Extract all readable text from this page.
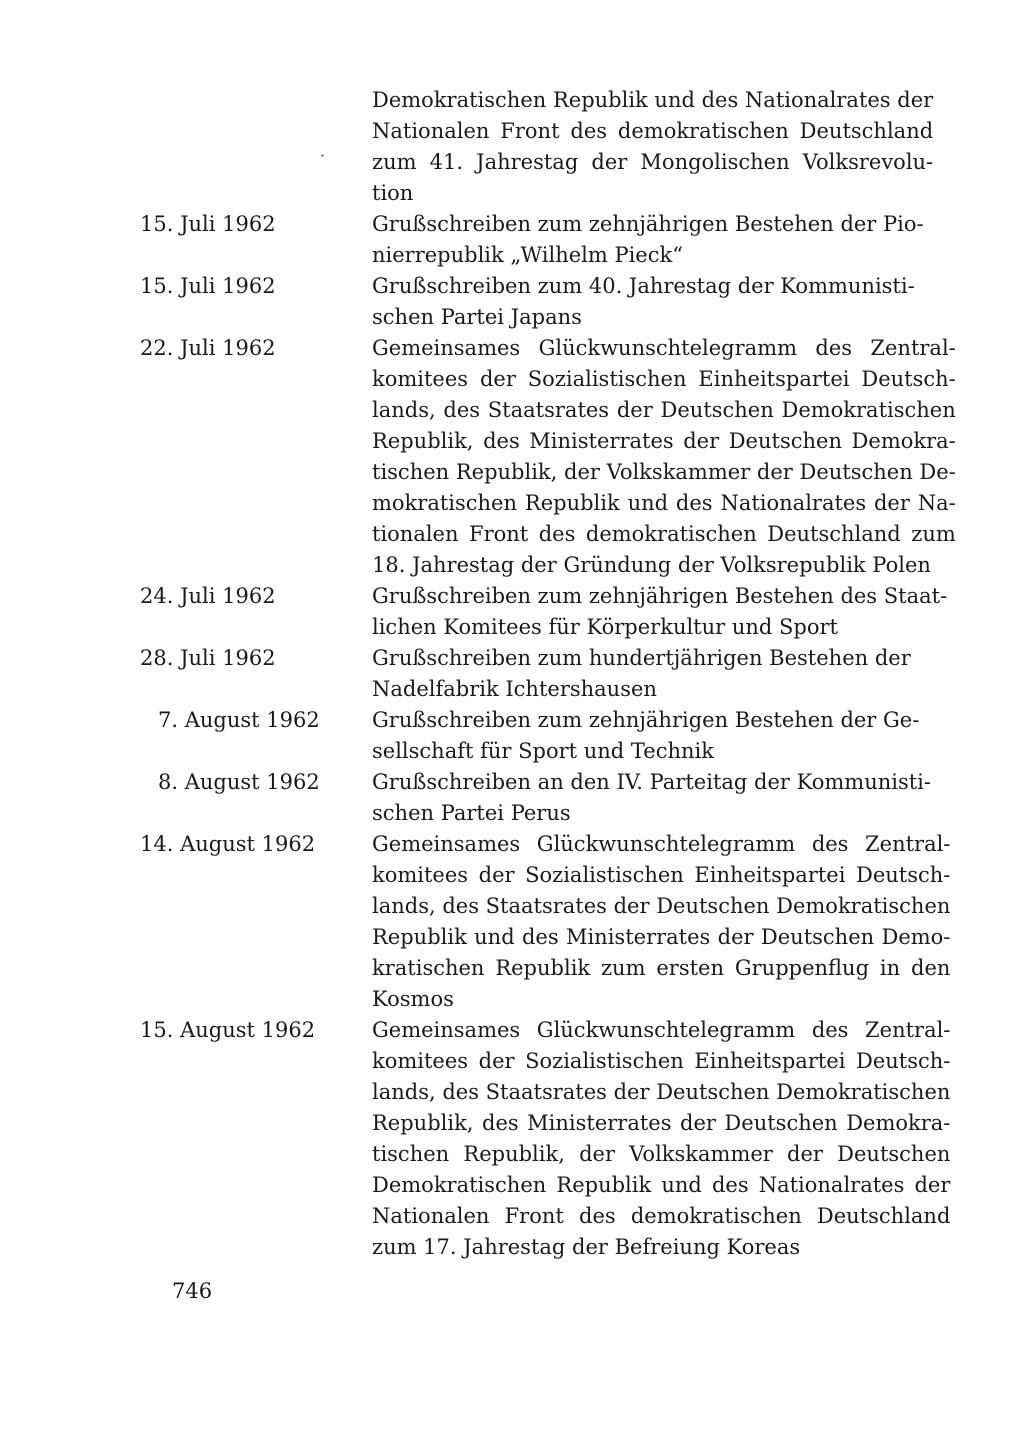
˙
Demokratischen Republik und des Nationalrates der
Nationalen Front des demokratischen Deutschland
zum 41. Jahrestag der Mongolischen Volksrevolu-
tion
15. Juli 1962	Grußschreiben zum zehnjährigen Bestehen der Pio-
nierrepublik „Wilhelm Pieck“
15. Juli 1962	Grußschreiben zum 40. Jahrestag der Kommunisti-
schen Partei Japans
22. Juli 1962	Gemeinsames Glückwunschtelegramm des Zentral-
komitees der Sozialistischen Einheitspartei Deutsch-
lands, des Staatsrates der Deutschen Demokratischen
Republik, des Ministerrates der Deutschen Demokra-
tischen Republik, der Volkskammer der Deutschen De-
mokratischen Republik und des Nationalrates der Na-
tionalen Front des demokratischen Deutschland zum
18. Jahrestag der Gründung der Volksrepublik Polen
24. Juli 1962	Grußschreiben zum zehnjährigen Bestehen des Staat-
lichen Komitees für Körperkultur und Sport
28. Juli 1962	Grußschreiben zum hundertjährigen Bestehen der
Nadelfabrik Ichtershausen
7. August 1962	Grußschreiben zum zehnjährigen Bestehen der Ge-
sellschaft für Sport und Technik
8. August 1962	Grußschreiben an den IV. Parteitag der Kommunisti-
schen Partei Perus
14. August 1962	Gemeinsames Glückwunschtelegramm des Zentral-
komitees der Sozialistischen Einheitspartei Deutsch-
lands, des Staatsrates der Deutschen Demokratischen
Republik und des Ministerrates der Deutschen Demo-
kratischen Republik zum ersten Gruppenflug in den
Kosmos
15. August 1962	Gemeinsames Glückwunschtelegramm des Zentral-
komitees der Sozialistischen Einheitspartei Deutsch-
lands, des Staatsrates der Deutschen Demokratischen
Republik, des Ministerrates der Deutschen Demokra-
tischen Republik, der Volkskammer der Deutschen
Demokratischen Republik und des Nationalrates der
Nationalen Front des demokratischen Deutschland
zum 17. Jahrestag der Befreiung Koreas
746
